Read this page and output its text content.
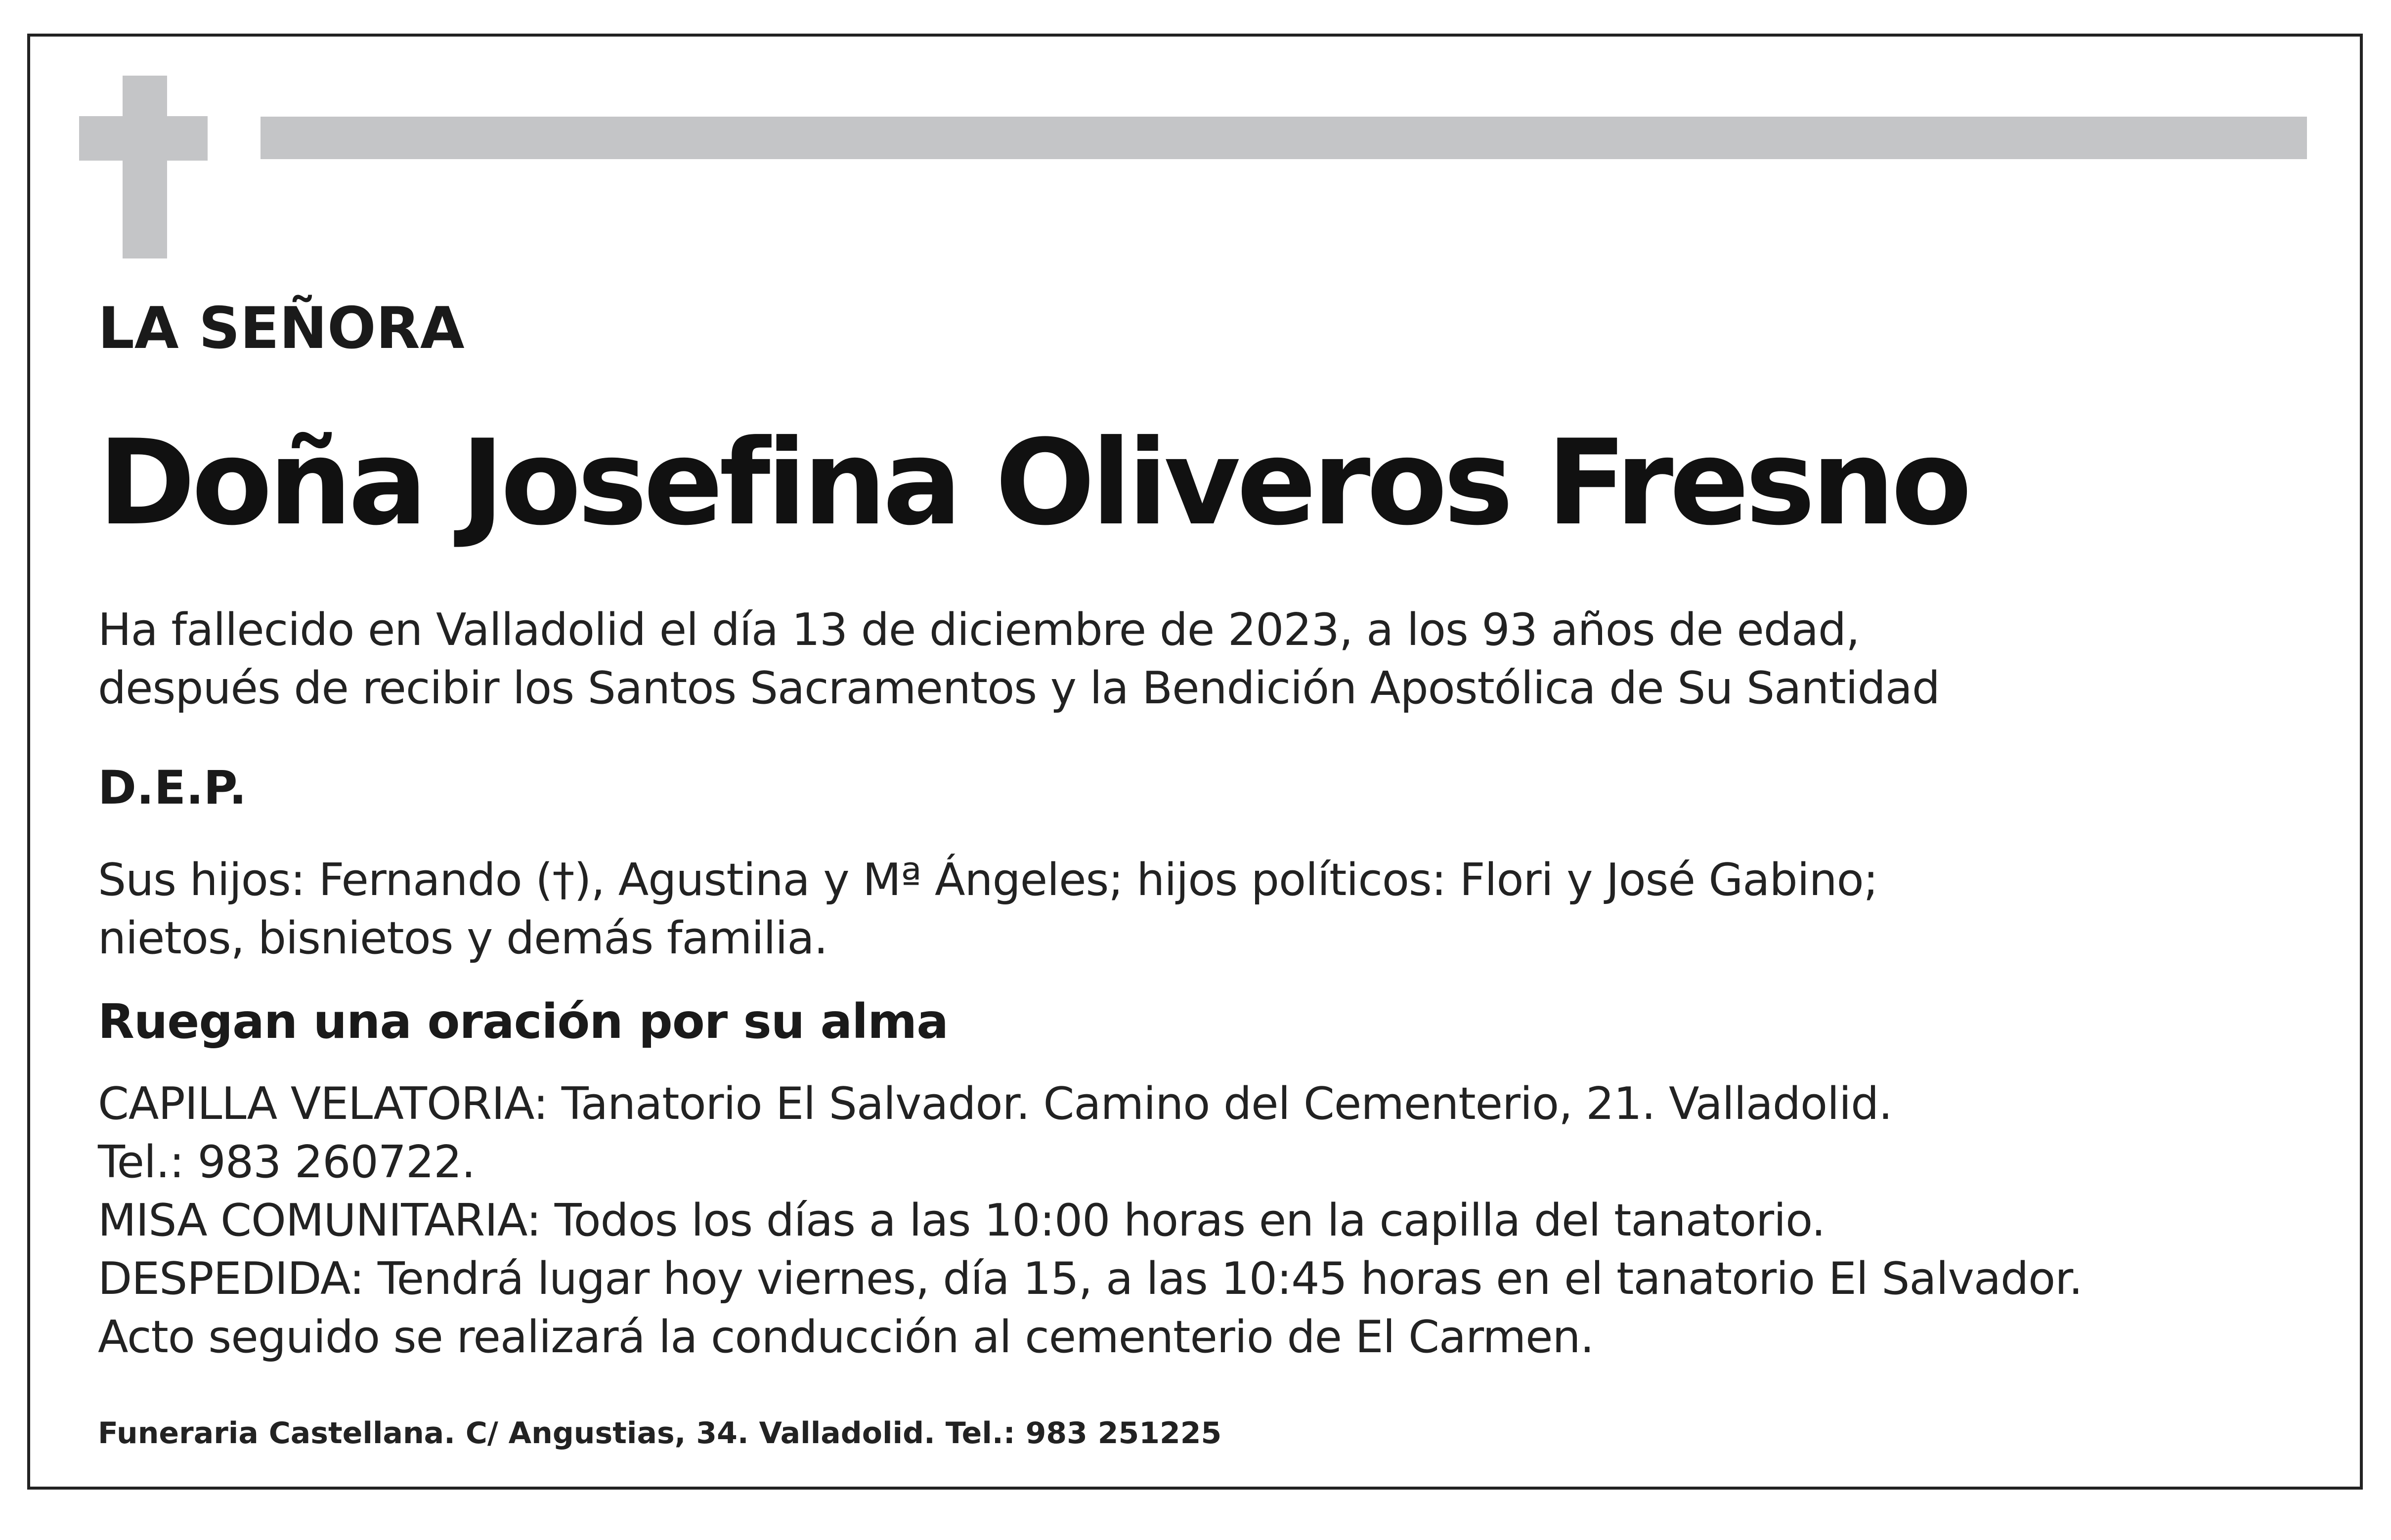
LA SEÑORA
Doña Josefina Oliveros Fresno

Ha fallecido en Valladolid el día 13 de diciembre de 2023, a los 93 años de edad,
después de recibir los Santos Sacramentos y la Bendición Apostólica de Su Santidad

D.E.P.

Sus hijos: Fernando (†), Agustina y Mª Ángeles; hijos políticos: Flori y José Gabino;
nietos, bisnietos y demás familia.

Ruegan una oración por su alma

CAPILLA VELATORIA: Tanatorio El Salvador. Camino del Cementerio, 21. Valladolid.
Tel.: 983 260722.
MISA COMUNITARIA: Todos los días a las 10:00 horas en la capilla del tanatorio.
DESPEDIDA: Tendrá lugar hoy viernes, día 15, a las 10:45 horas en el tanatorio El Salvador.
Acto seguido se realizará la conducción al cementerio de El Carmen.

Funeraria Castellana. C/ Angustias, 34. Valladolid. Tel.: 983 251225
